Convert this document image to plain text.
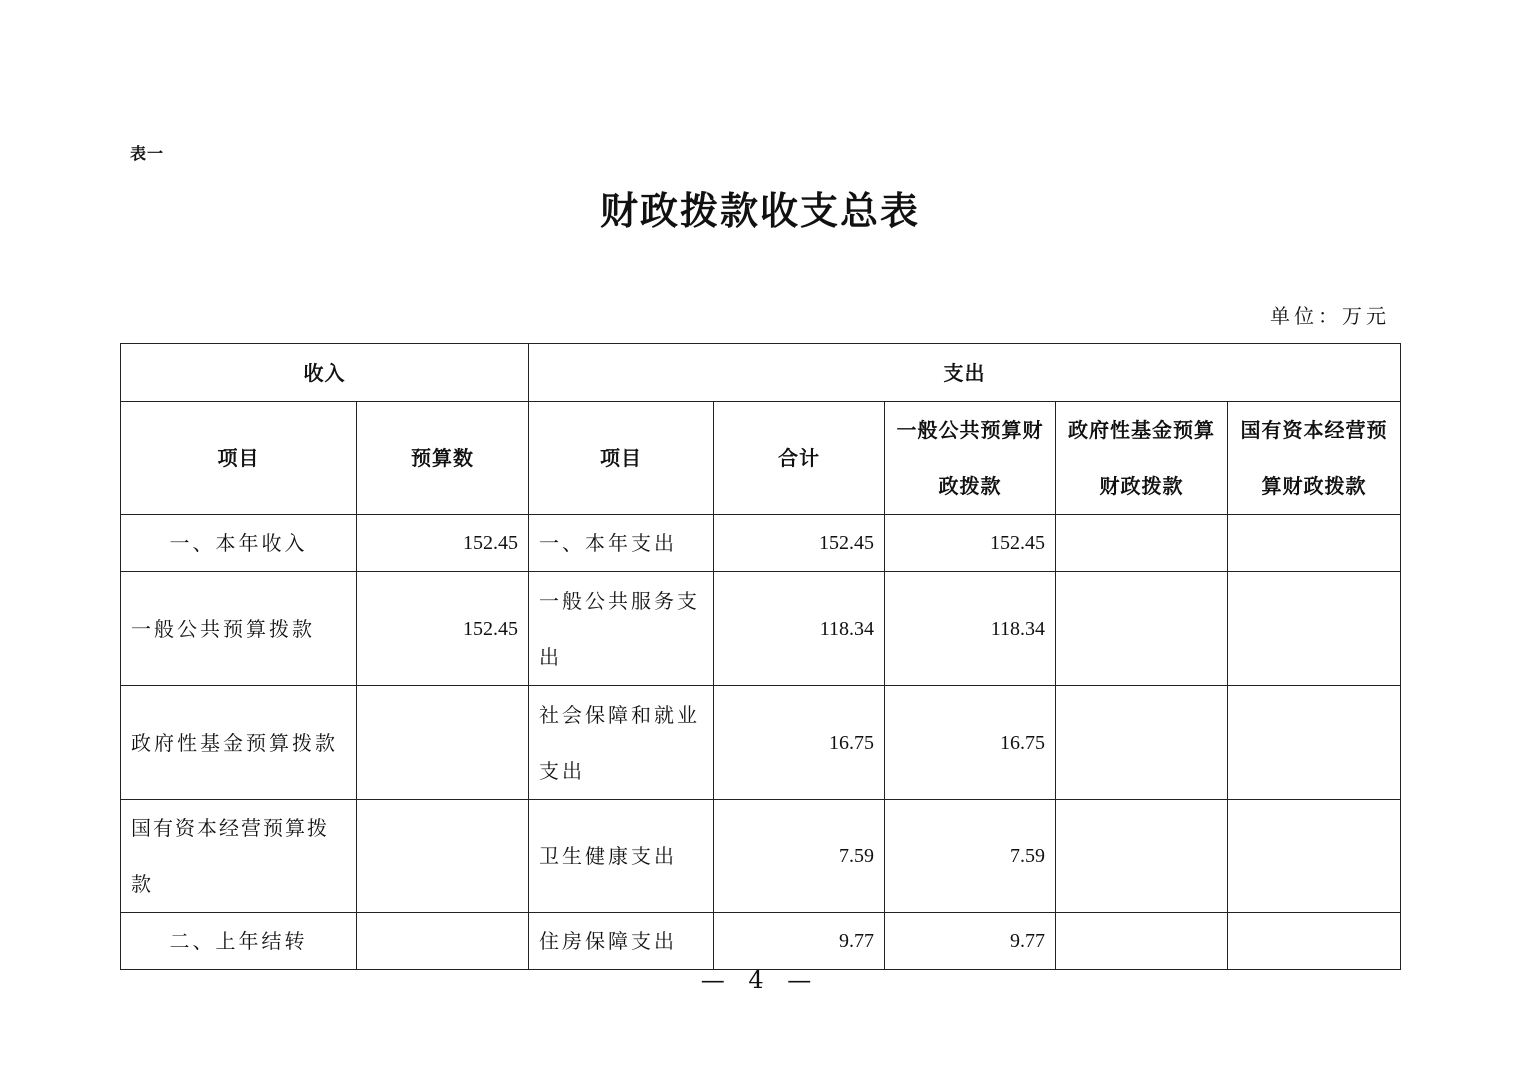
表一
财政拨款收支总表
单位：万元
收入		支出				
项目	预算数	项目	合计	一般公共预算财政拨款	政府性基金预算财政拨款	国有资本经营预算财政拨款
一、本年收入	152.45	一、本年支出	152.45	152.45		
一般公共预算拨款	152.45	一般公共服务支出	118.34	118.34		
政府性基金预算拨款		社会保障和就业支出	16.75	16.75		
国有资本经营预算拨款		卫生健康支出	7.59	7.59		
二、上年结转		住房保障支出	9.77	9.77		
— 4 —
